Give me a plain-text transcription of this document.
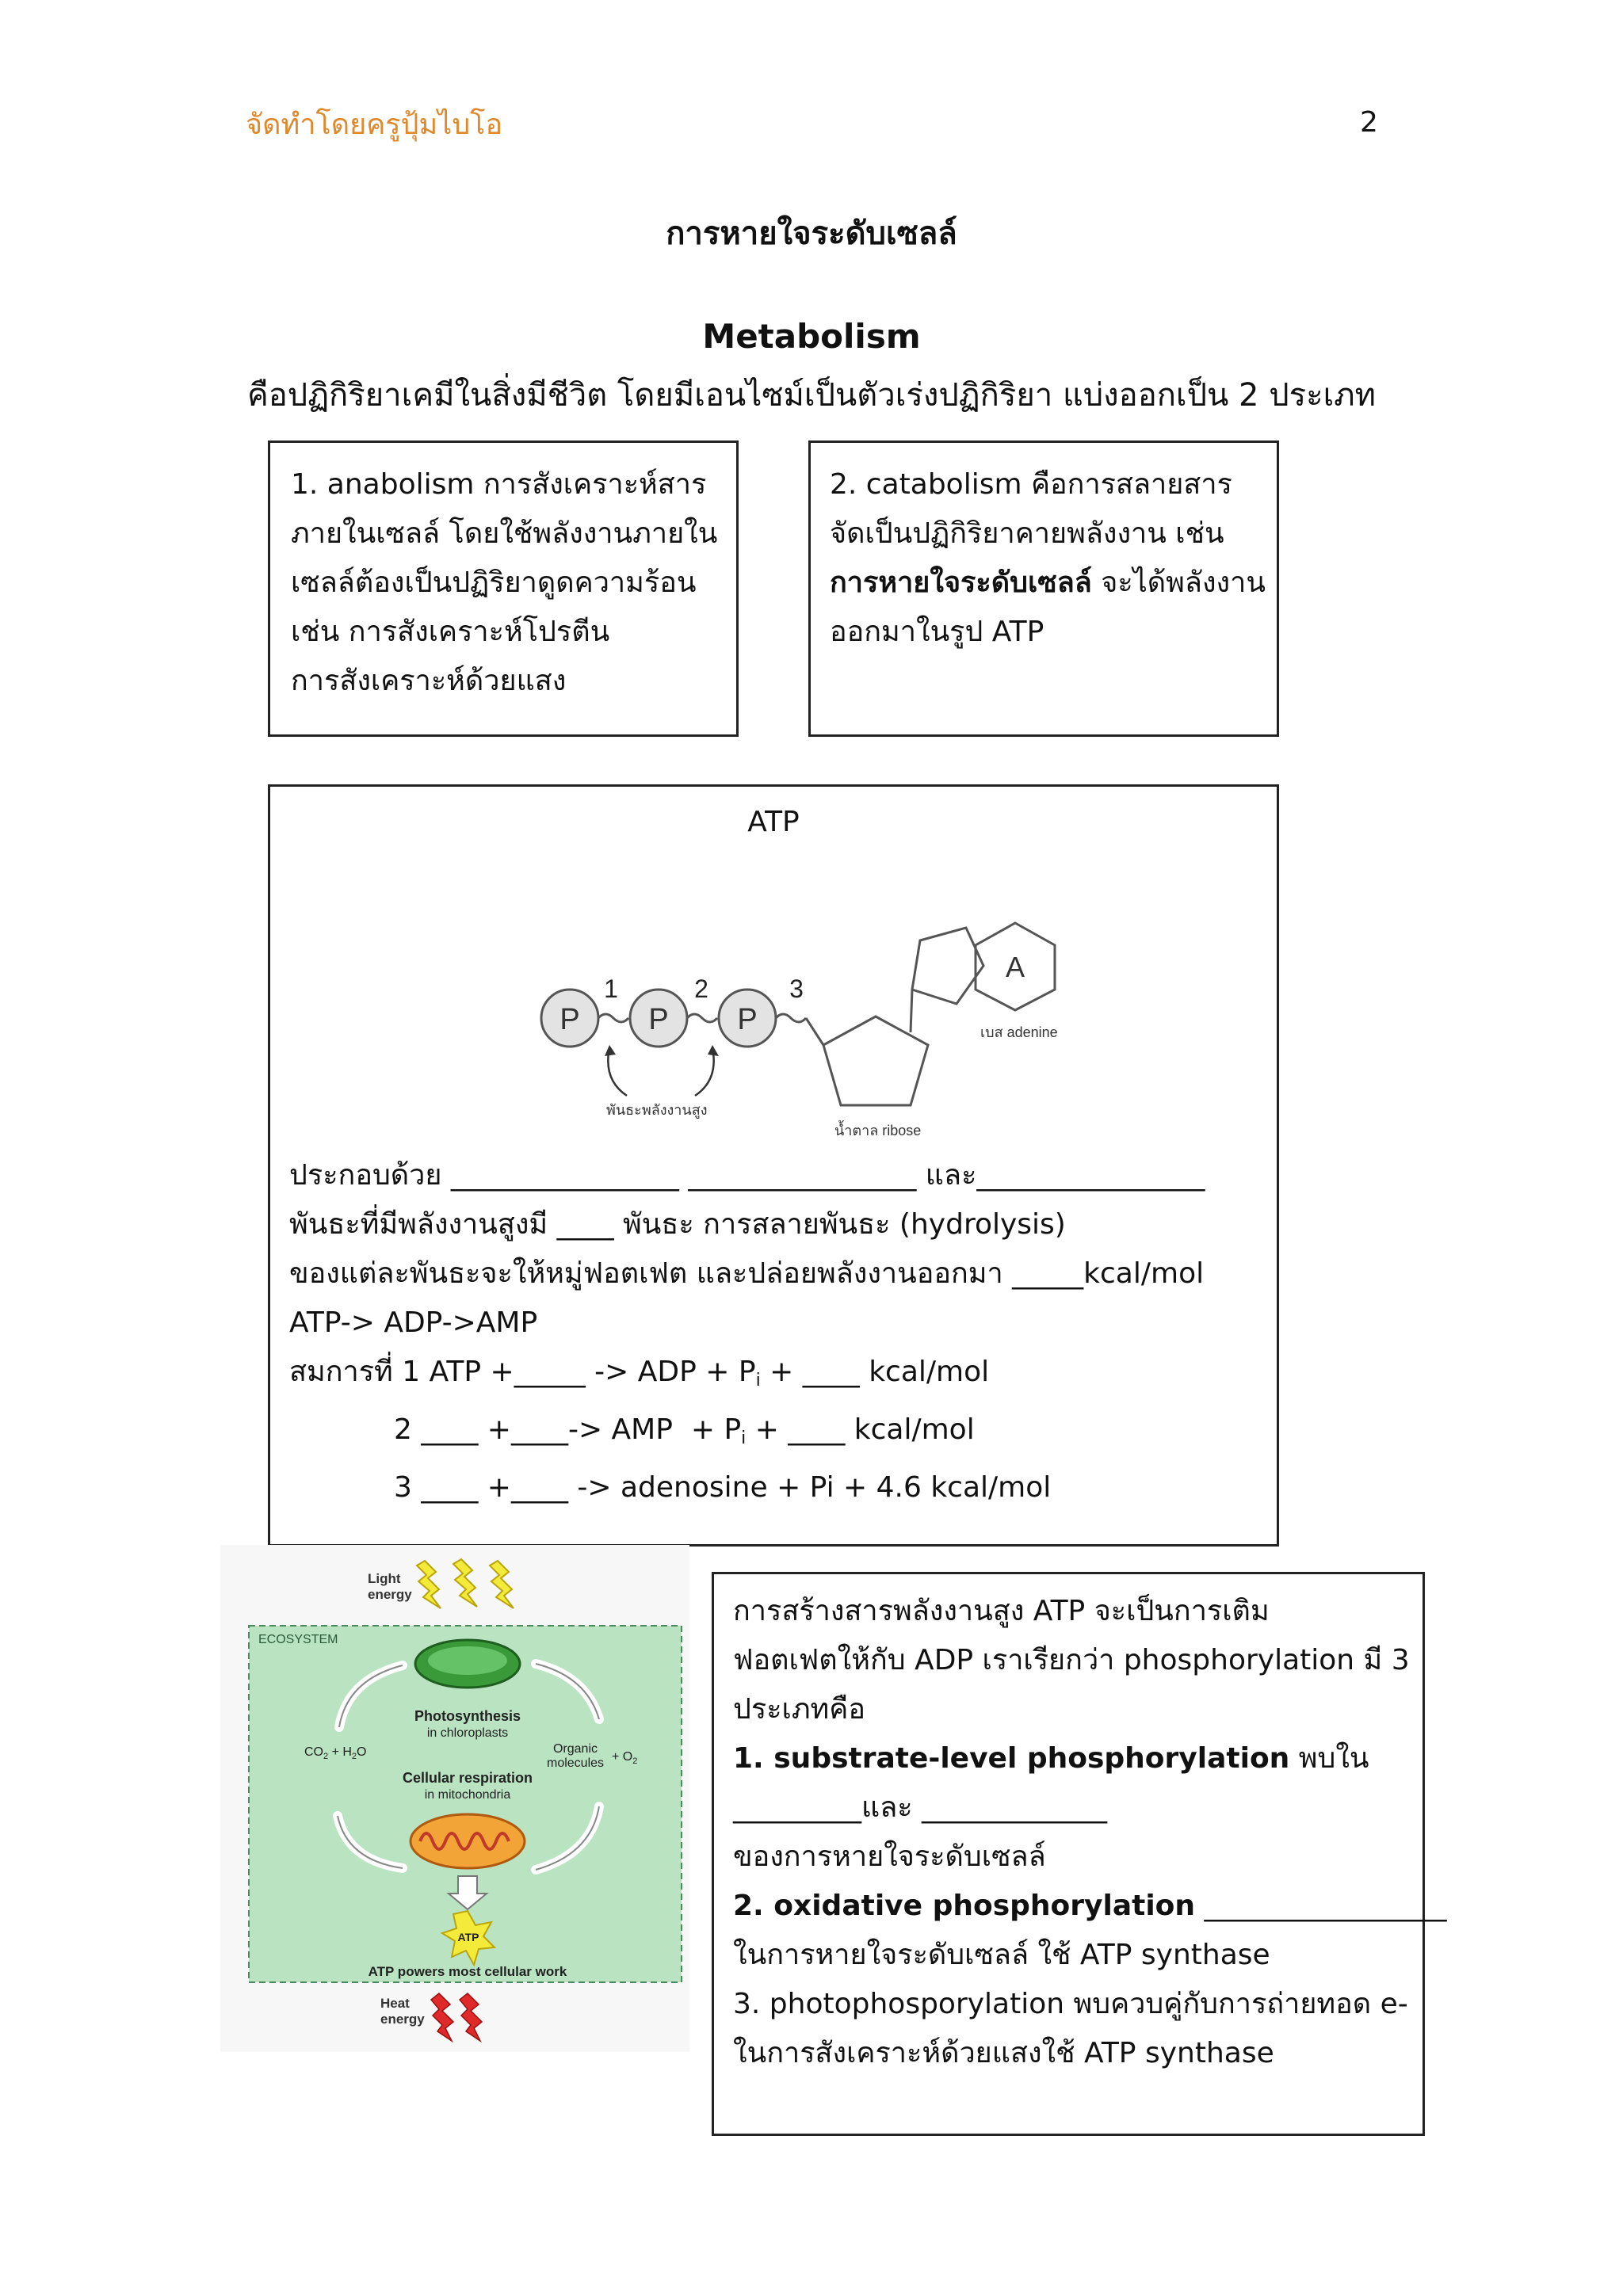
จัดทำโดยครูปุ้มไบโอ	2
การหายใจระดับเซลล์
Metabolism
คือปฏิกิริยาเคมีในสิ่งมีชีวิต โดยมีเอนไซม์เป็นตัวเร่งปฏิกิริยา แบ่งออกเป็น 2 ประเภท
1. anabolism การสังเคราะห์สาร
ภายในเซลล์ โดยใช้พลังงานภายใน
เซลล์ต้องเป็นปฏิริยาดูดความร้อน
เช่น การสังเคราะห์โปรตีน
การสังเคราะห์ด้วยแสง
2. catabolism คือการสลายสาร
จัดเป็นปฏิกิริยาคายพลังงาน เช่น
การหายใจระดับเซลล์ จะได้พลังงาน
ออกมาในรูป ATP
ATP
P P P
1	2	3
A
เบส adenine
น้ำตาล ribose
พันธะพลังงานสูง
ประกอบด้วย ________________ ________________ และ________________
พันธะที่มีพลังงานสูงมี ____ พันธะ การสลายพันธะ (hydrolysis)
ของแต่ละพันธะจะให้หมู่ฟอตเฟต และปล่อยพลังงานออกมา _____kcal/mol
ATP-> ADP->AMP
สมการที่ 1 ATP +_____ -> ADP + $P_i$ + ____ kcal/mol
2 ____ +____-> AMP  + $P_i$ + ____ kcal/mol
3 ____ +____ -> adenosine + Pi + 4.6 kcal/mol
ECOSYSTEM
Light
energy
Photosynthesis
in chloroplasts
$CO_2 + H_2O$	Organic
molecules + $O_2$
Cellular respiration
in mitochondria
ATP
ATP powers most cellular work
Heat
energy
การสร้างสารพลังงานสูง ATP จะเป็นการเติม
ฟอตเฟตให้กับ ADP เราเรียกว่า phosphorylation มี 3
ประเภทคือ
1. substrate-level phosphorylation พบใน
_________และ _____________
ของการหายใจระดับเซลล์
2. oxidative phosphorylation _________________
ในการหายใจระดับเซลล์ ใช้ ATP synthase
3. photophosporylation พบควบคู่กับการถ่ายทอด e-
ในการสังเคราะห์ด้วยแสงใช้ ATP synthase
